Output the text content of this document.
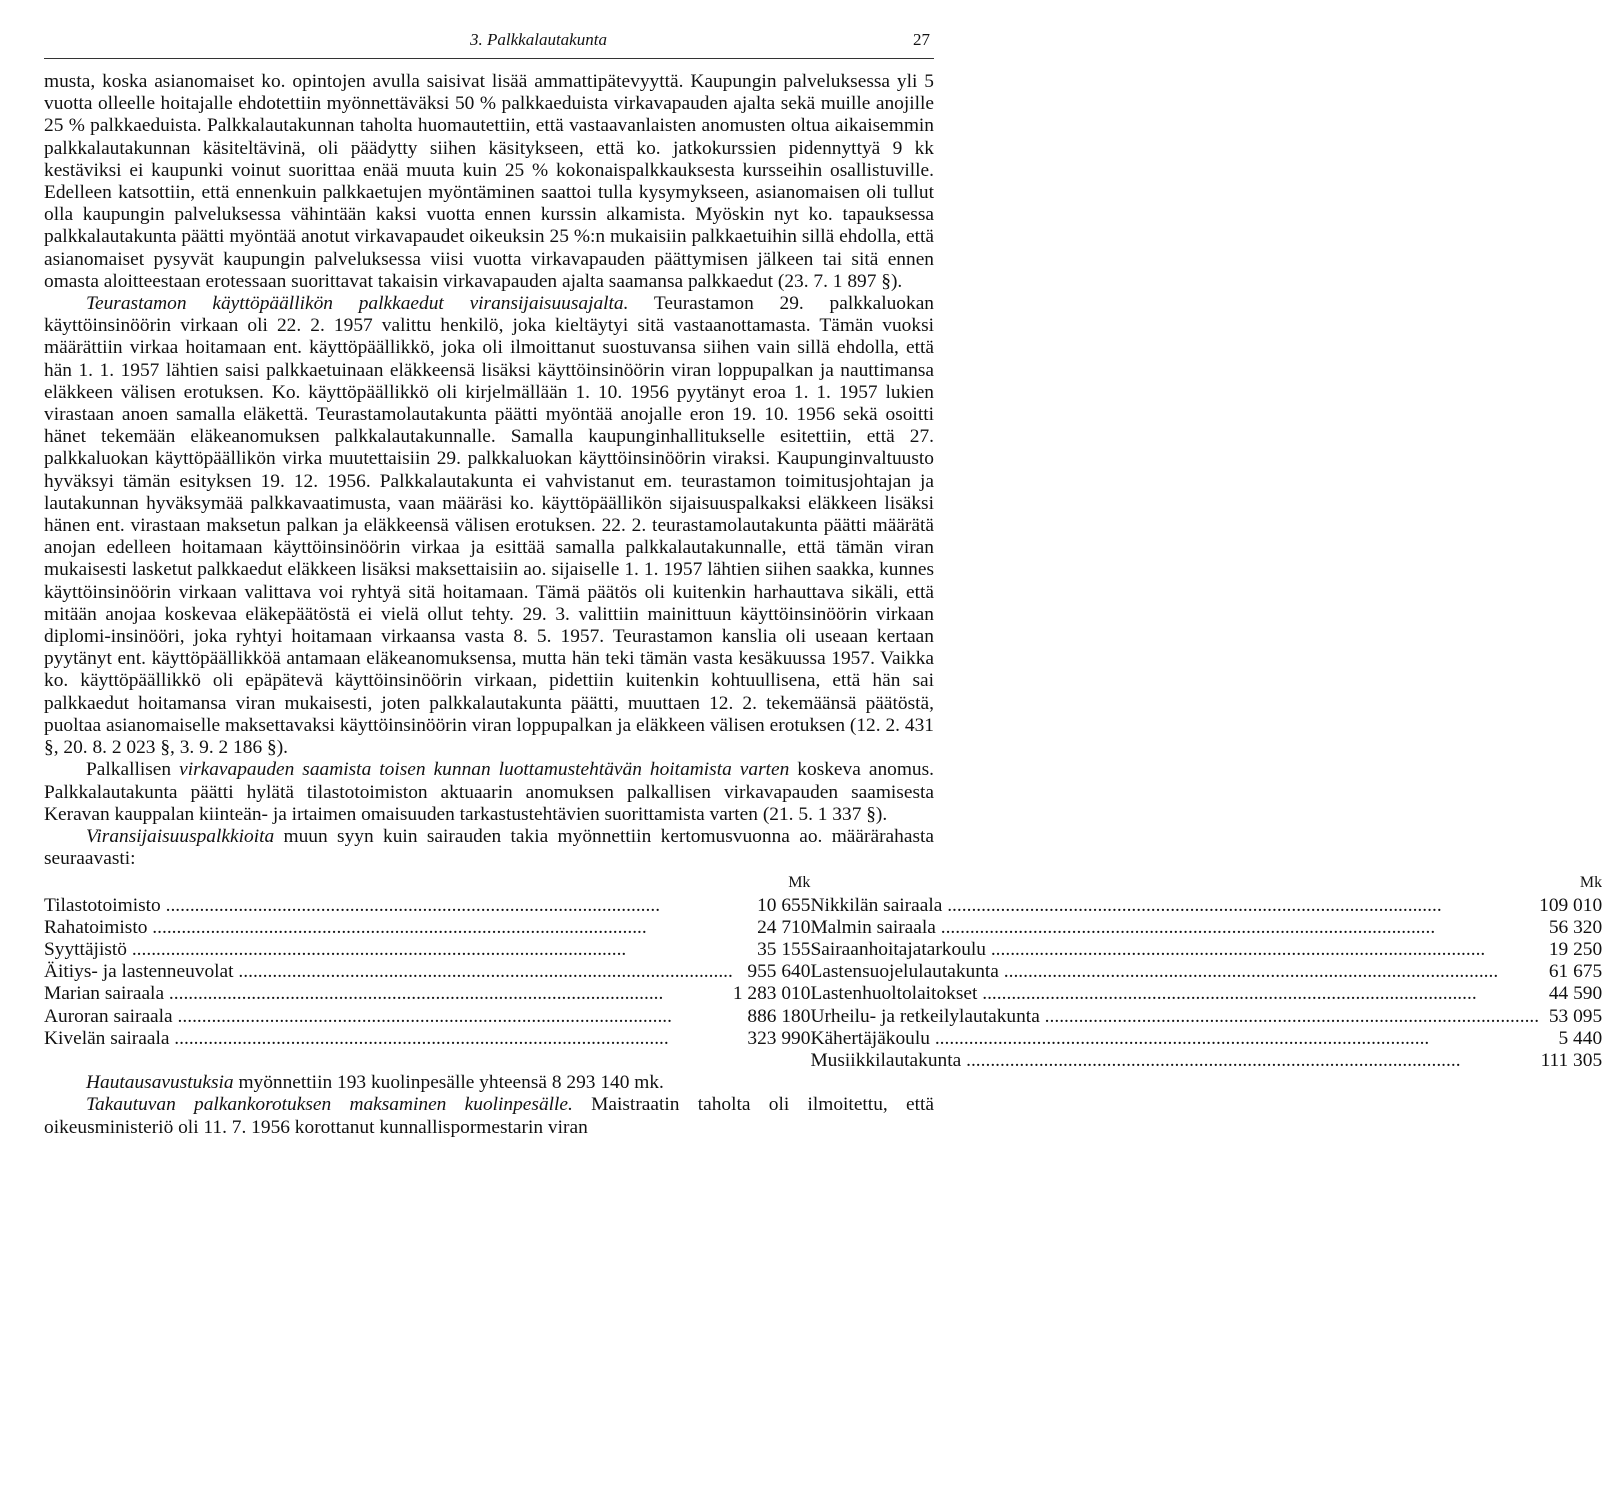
3. Palkkalautakunta	27

musta, koska asianomaiset ko. opintojen avulla saisivat lisää ammattipätevyyttä. Kaupungin palveluksessa yli 5 vuotta olleelle hoitajalle ehdotettiin myönnettäväksi 50 % palkkaeduista virkavapauden ajalta sekä muille anojille 25 % palkkaeduista. Palkkalautakunnan taholta huomautettiin, että vastaavanlaisten anomusten oltua aikaisemmin palkkalautakunnan käsiteltävinä, oli päädytty siihen käsitykseen, että ko. jatkokurssien pidennyttyä 9 kk kestäviksi ei kaupunki voinut suorittaa enää muuta kuin 25 % kokonaispalkkauksesta kursseihin osallistuville. Edelleen katsottiin, että ennenkuin palkkaetujen myöntäminen saattoi tulla kysymykseen, asianomaisen oli tullut olla kaupungin palveluksessa vähintään kaksi vuotta ennen kurssin alkamista. Myöskin nyt ko. tapauksessa palkkalautakunta päätti myöntää anotut virkavapaudet oikeuksin 25 %:n mukaisiin palkkaetuihin sillä ehdolla, että asianomaiset pysyvät kaupungin palveluksessa viisi vuotta virkavapauden päättymisen jälkeen tai sitä ennen omasta aloitteestaan erotessaan suorittavat takaisin virkavapauden ajalta saamansa palkkaedut (23. 7. 1 897 §).

Teurastamon käyttöpäällikön palkkaedut viransijaisuusajalta. Teurastamon 29. palkkaluokan käyttöinsinöörin virkaan oli 22. 2. 1957 valittu henkilö, joka kieltäytyi sitä vastaanottamasta. Tämän vuoksi määrättiin virkaa hoitamaan ent. käyttöpäällikkö, joka oli ilmoittanut suostuvansa siihen vain sillä ehdolla, että hän 1. 1. 1957 lähtien saisi palkkaetuinaan eläkkeensä lisäksi käyttöinsinöörin viran loppupalkan ja nauttimansa eläkkeen välisen erotuksen. Ko. käyttöpäällikkö oli kirjelmällään 1. 10. 1956 pyytänyt eroa 1. 1. 1957 lukien virastaan anoen samalla eläkettä. Teurastamolautakunta päätti myöntää anojalle eron 19. 10. 1956 sekä osoitti hänet tekemään eläkeanomuksen palkkalautakunnalle. Samalla kaupunginhallitukselle esitettiin, että 27. palkkaluokan käyttöpäällikön virka muutettaisiin 29. palkkaluokan käyttöinsinöörin viraksi. Kaupunginvaltuusto hyväksyi tämän esityksen 19. 12. 1956. Palkkalautakunta ei vahvistanut em. teurastamon toimitusjohtajan ja lautakunnan hyväksymää palkkavaatimusta, vaan määräsi ko. käyttöpäällikön sijaisuuspalkaksi eläkkeen lisäksi hänen ent. virastaan maksetun palkan ja eläkkeensä välisen erotuksen. 22. 2. teurastamolautakunta päätti määrätä anojan edelleen hoitamaan käyttöinsinöörin virkaa ja esittää samalla palkkalautakunnalle, että tämän viran mukaisesti lasketut palkkaedut eläkkeen lisäksi maksettaisiin ao. sijaiselle 1. 1. 1957 lähtien siihen saakka, kunnes käyttöinsinöörin virkaan valittava voi ryhtyä sitä hoitamaan. Tämä päätös oli kuitenkin harhauttava sikäli, että mitään anojaa koskevaa eläkepäätöstä ei vielä ollut tehty. 29. 3. valittiin mainittuun käyttöinsinöörin virkaan diplomi-insinööri, joka ryhtyi hoitamaan virkaansa vasta 8. 5. 1957. Teurastamon kanslia oli useaan kertaan pyytänyt ent. käyttöpäällikköä antamaan eläkeanomuksensa, mutta hän teki tämän vasta kesäkuussa 1957. Vaikka ko. käyttöpäällikkö oli epäpätevä käyttöinsinöörin virkaan, pidettiin kuitenkin kohtuullisena, että hän sai palkkaedut hoitamansa viran mukaisesti, joten palkkalautakunta päätti, muuttaen 12. 2. tekemäänsä päätöstä, puoltaa asianomaiselle maksettavaksi käyttöinsinöörin viran loppupalkan ja eläkkeen välisen erotuksen (12. 2. 431 §, 20. 8. 2 023 §, 3. 9. 2 186 §).

Palkallisen virkavapauden saamista toisen kunnan luottamustehtävän hoitamista varten koskeva anomus. Palkkalautakunta päätti hylätä tilastotoimiston aktuaarin anomuksen palkallisen virkavapauden saamisesta Keravan kauppalan kiinteän- ja irtaimen omaisuuden tarkastustehtävien suorittamista varten (21. 5. 1 337 §).

Viransijaisuuspalkkioita muun syyn kuin sairauden takia myönnettiin kertomusvuonna ao. määrärahasta seuraavasti:

	Mk			Mk

Tilastotoimisto .....	10 655		Nikkilän sairaala .....	109 010

Rahatoimisto .....	24 710		Malmin sairaala .....	56 320

Syyttäjistö .....	35 155		Sairaanhoitajatarkoulu .....	19 250

Äitiys- ja lastenneuvolat .....	955 640		Lastensuojelulautakunta .....	61 675

Marian sairaala .....	1 283 010		Lastenhuoltolaitokset .....	44 590

Auroran sairaala .....	886 180		Urheilu- ja retkeilylautakunta .....	53 095

Kivelän sairaala .....	323 990		Kähertäjäkoulu .....	5 440

			Musiikkilautakunta .....	111 305

Hautausavustuksia myönnettiin 193 kuolinpesälle yhteensä 8 293 140 mk.

Takautuvan palkankorotuksen maksaminen kuolinpesälle. Maistraatin taholta oli ilmoitettu, että oikeusministeriö oli 11. 7. 1956 korottanut kunnallispormestarin viran
